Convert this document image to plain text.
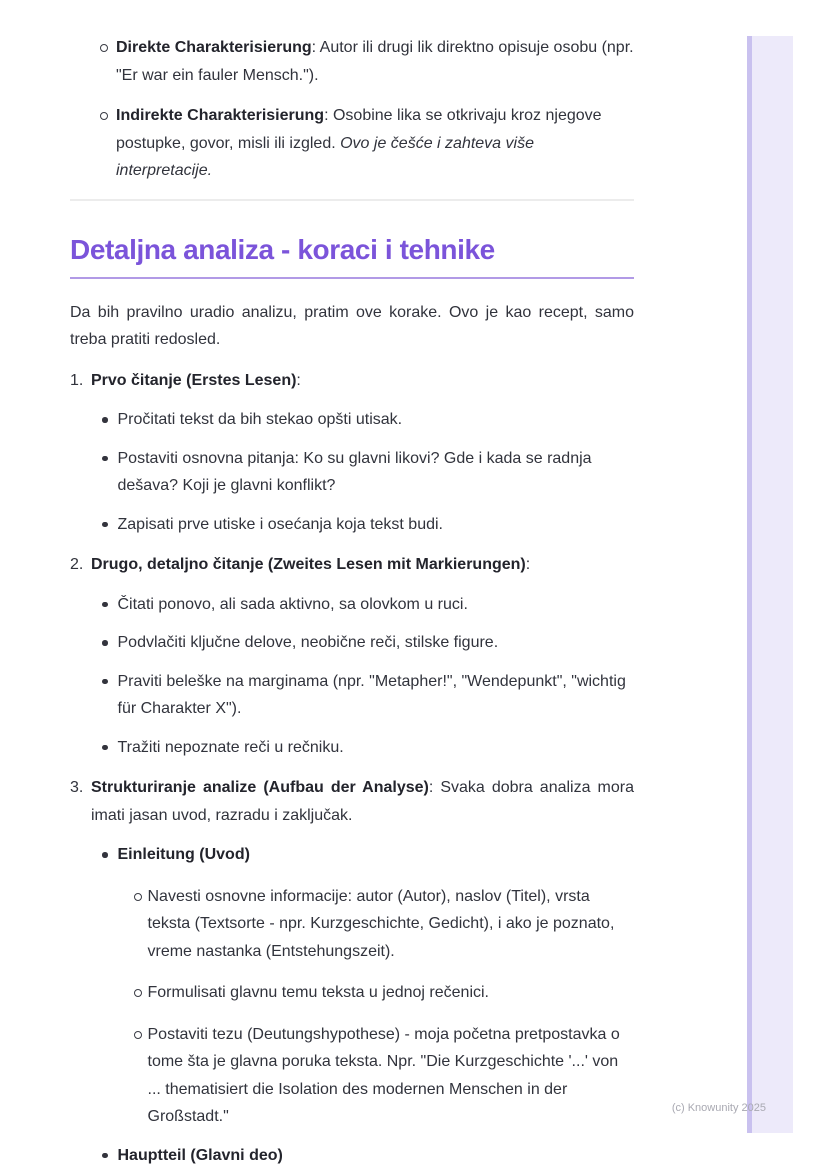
(c) Knowunity 2025

Direkte Charakterisierung: Autor ili drugi lik direktno opisuje osobu (npr. "Er war ein fauler Mensch.").

Indirekte Charakterisierung: Osobine lika se otkrivaju kroz njegove postupke, govor, misli ili izgled. Ovo je češće i zahteva više interpretacije.

Detaljna analiza - koraci i tehnike

Da bih pravilno uradio analizu, pratim ove korake. Ovo je kao recept, samo treba pratiti redosled.

1. Prvo čitanje (Erstes Lesen):

Pročitati tekst da bih stekao opšti utisak.

Postaviti osnovna pitanja: Ko su glavni likovi? Gde i kada se radnja dešava? Koji je glavni konflikt?

Zapisati prve utiske i osećanja koja tekst budi.

2. Drugo, detaljno čitanje (Zweites Lesen mit Markierungen):

Čitati ponovo, ali sada aktivno, sa olovkom u ruci.

Podvlačiti ključne delove, neobične reči, stilske figure.

Praviti beleške na marginama (npr. "Metapher!", "Wendepunkt", "wichtig für Charakter X").

Tražiti nepoznate reči u rečniku.

3. Strukturiranje analize (Aufbau der Analyse): Svaka dobra analiza mora imati jasan uvod, razradu i zaključak.

Einleitung (Uvod)

Navesti osnovne informacije: autor (Autor), naslov (Titel), vrsta teksta (Textsorte - npr. Kurzgeschichte, Gedicht), i ako je poznato, vreme nastanka (Entstehungszeit).

Formulisati glavnu temu teksta u jednoj rečenici.

Postaviti tezu (Deutungshypothese) - moja početna pretpostavka o tome šta je glavna poruka teksta. Npr. "Die Kurzgeschichte '...' von ... thematisiert die Isolation des modernen Menschen in der Großstadt."

Hauptteil (Glavni deo)
